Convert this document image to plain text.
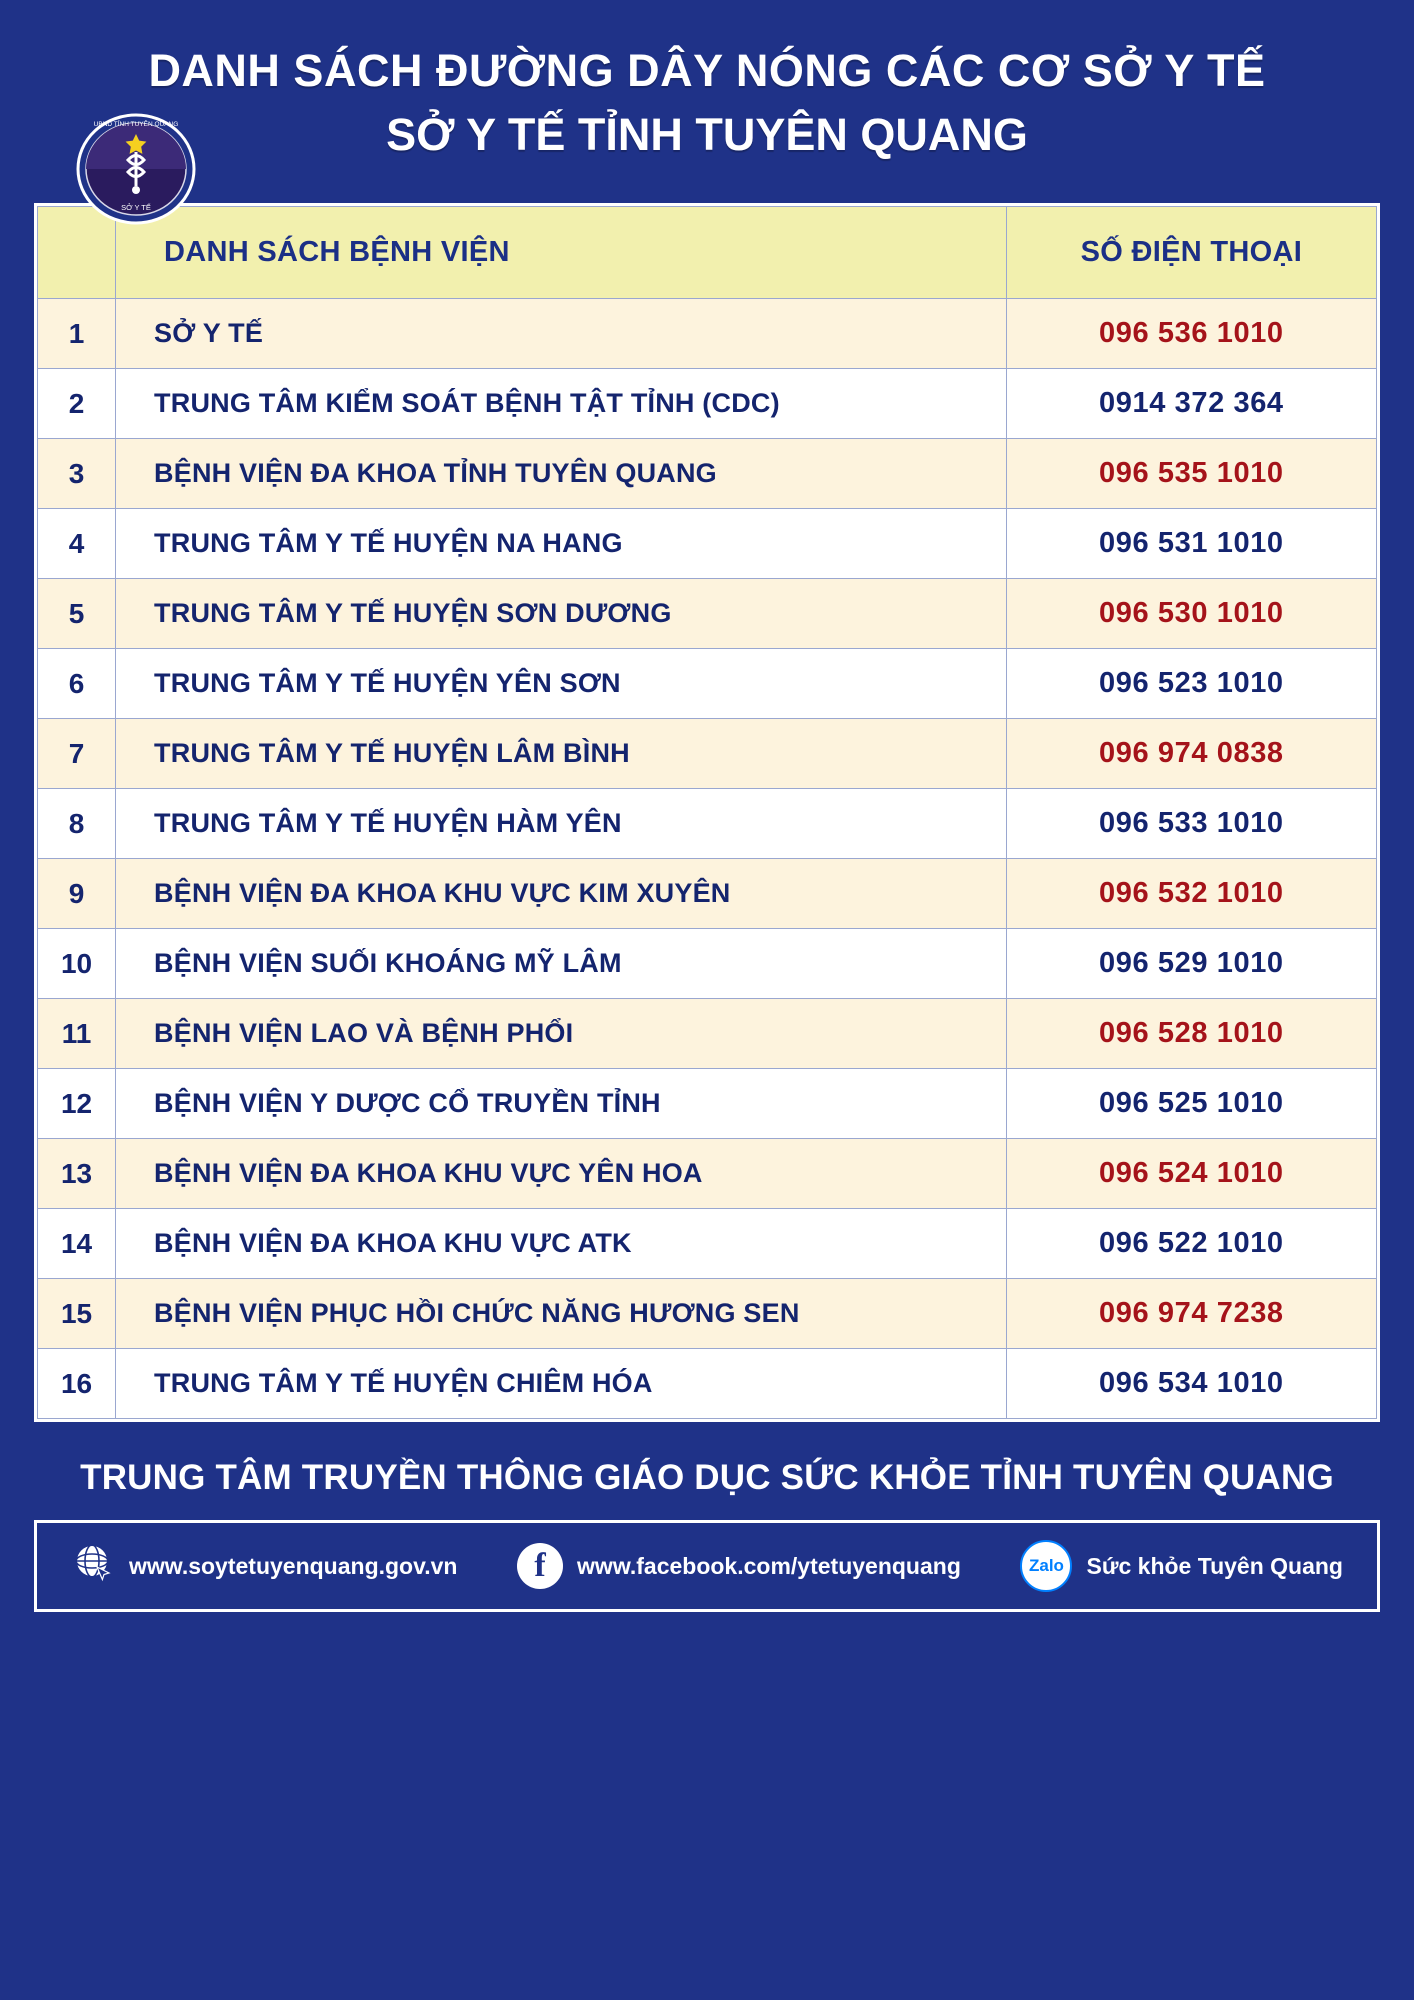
UBND TỈNH TUYÊN QUANG
SỞ Y TẾ
DANH SÁCH ĐƯỜNG DÂY NÓNG CÁC CƠ SỞ Y TẾ
SỞ Y TẾ TỈNH TUYÊN QUANG
	DANH SÁCH BỆNH VIỆN	SỐ ĐIỆN THOẠI
1	SỞ Y TẾ	096 536 1010
2	TRUNG TÂM KIỂM SOÁT BỆNH TẬT TỈNH (CDC)	0914 372 364
3	BỆNH VIỆN ĐA KHOA TỈNH TUYÊN QUANG	096 535 1010
4	TRUNG TÂM Y TẾ HUYỆN NA HANG	096 531 1010
5	TRUNG TÂM Y TẾ HUYỆN SƠN DƯƠNG	096 530 1010
6	TRUNG TÂM Y TẾ HUYỆN YÊN SƠN	096 523 1010
7	TRUNG TÂM Y TẾ HUYỆN LÂM BÌNH	096 974 0838
8	TRUNG TÂM Y TẾ HUYỆN HÀM YÊN	096 533 1010
9	BỆNH VIỆN ĐA KHOA KHU VỰC KIM XUYÊN	096 532 1010
10	BỆNH VIỆN SUỐI KHOÁNG MỸ LÂM	096 529 1010
11	BỆNH VIỆN LAO VÀ BỆNH PHỔI	096 528 1010
12	BỆNH VIỆN Y DƯỢC CỔ TRUYỀN TỈNH	096 525 1010
13	BỆNH VIỆN ĐA KHOA KHU VỰC YÊN HOA	096 524 1010
14	BỆNH VIỆN ĐA KHOA KHU VỰC ATK	096 522 1010
15	BỆNH VIỆN PHỤC HỒI CHỨC NĂNG HƯƠNG SEN	096 974 7238
16	TRUNG TÂM Y TẾ HUYỆN CHIÊM HÓA	096 534 1010
TRUNG TÂM TRUYỀN THÔNG GIÁO DỤC SỨC KHỎE TỈNH TUYÊN QUANG
www.soytetuyenquang.gov.vn	f	www.facebook.com/ytetuyenquang	Zalo Sức khỏe Tuyên Quang
